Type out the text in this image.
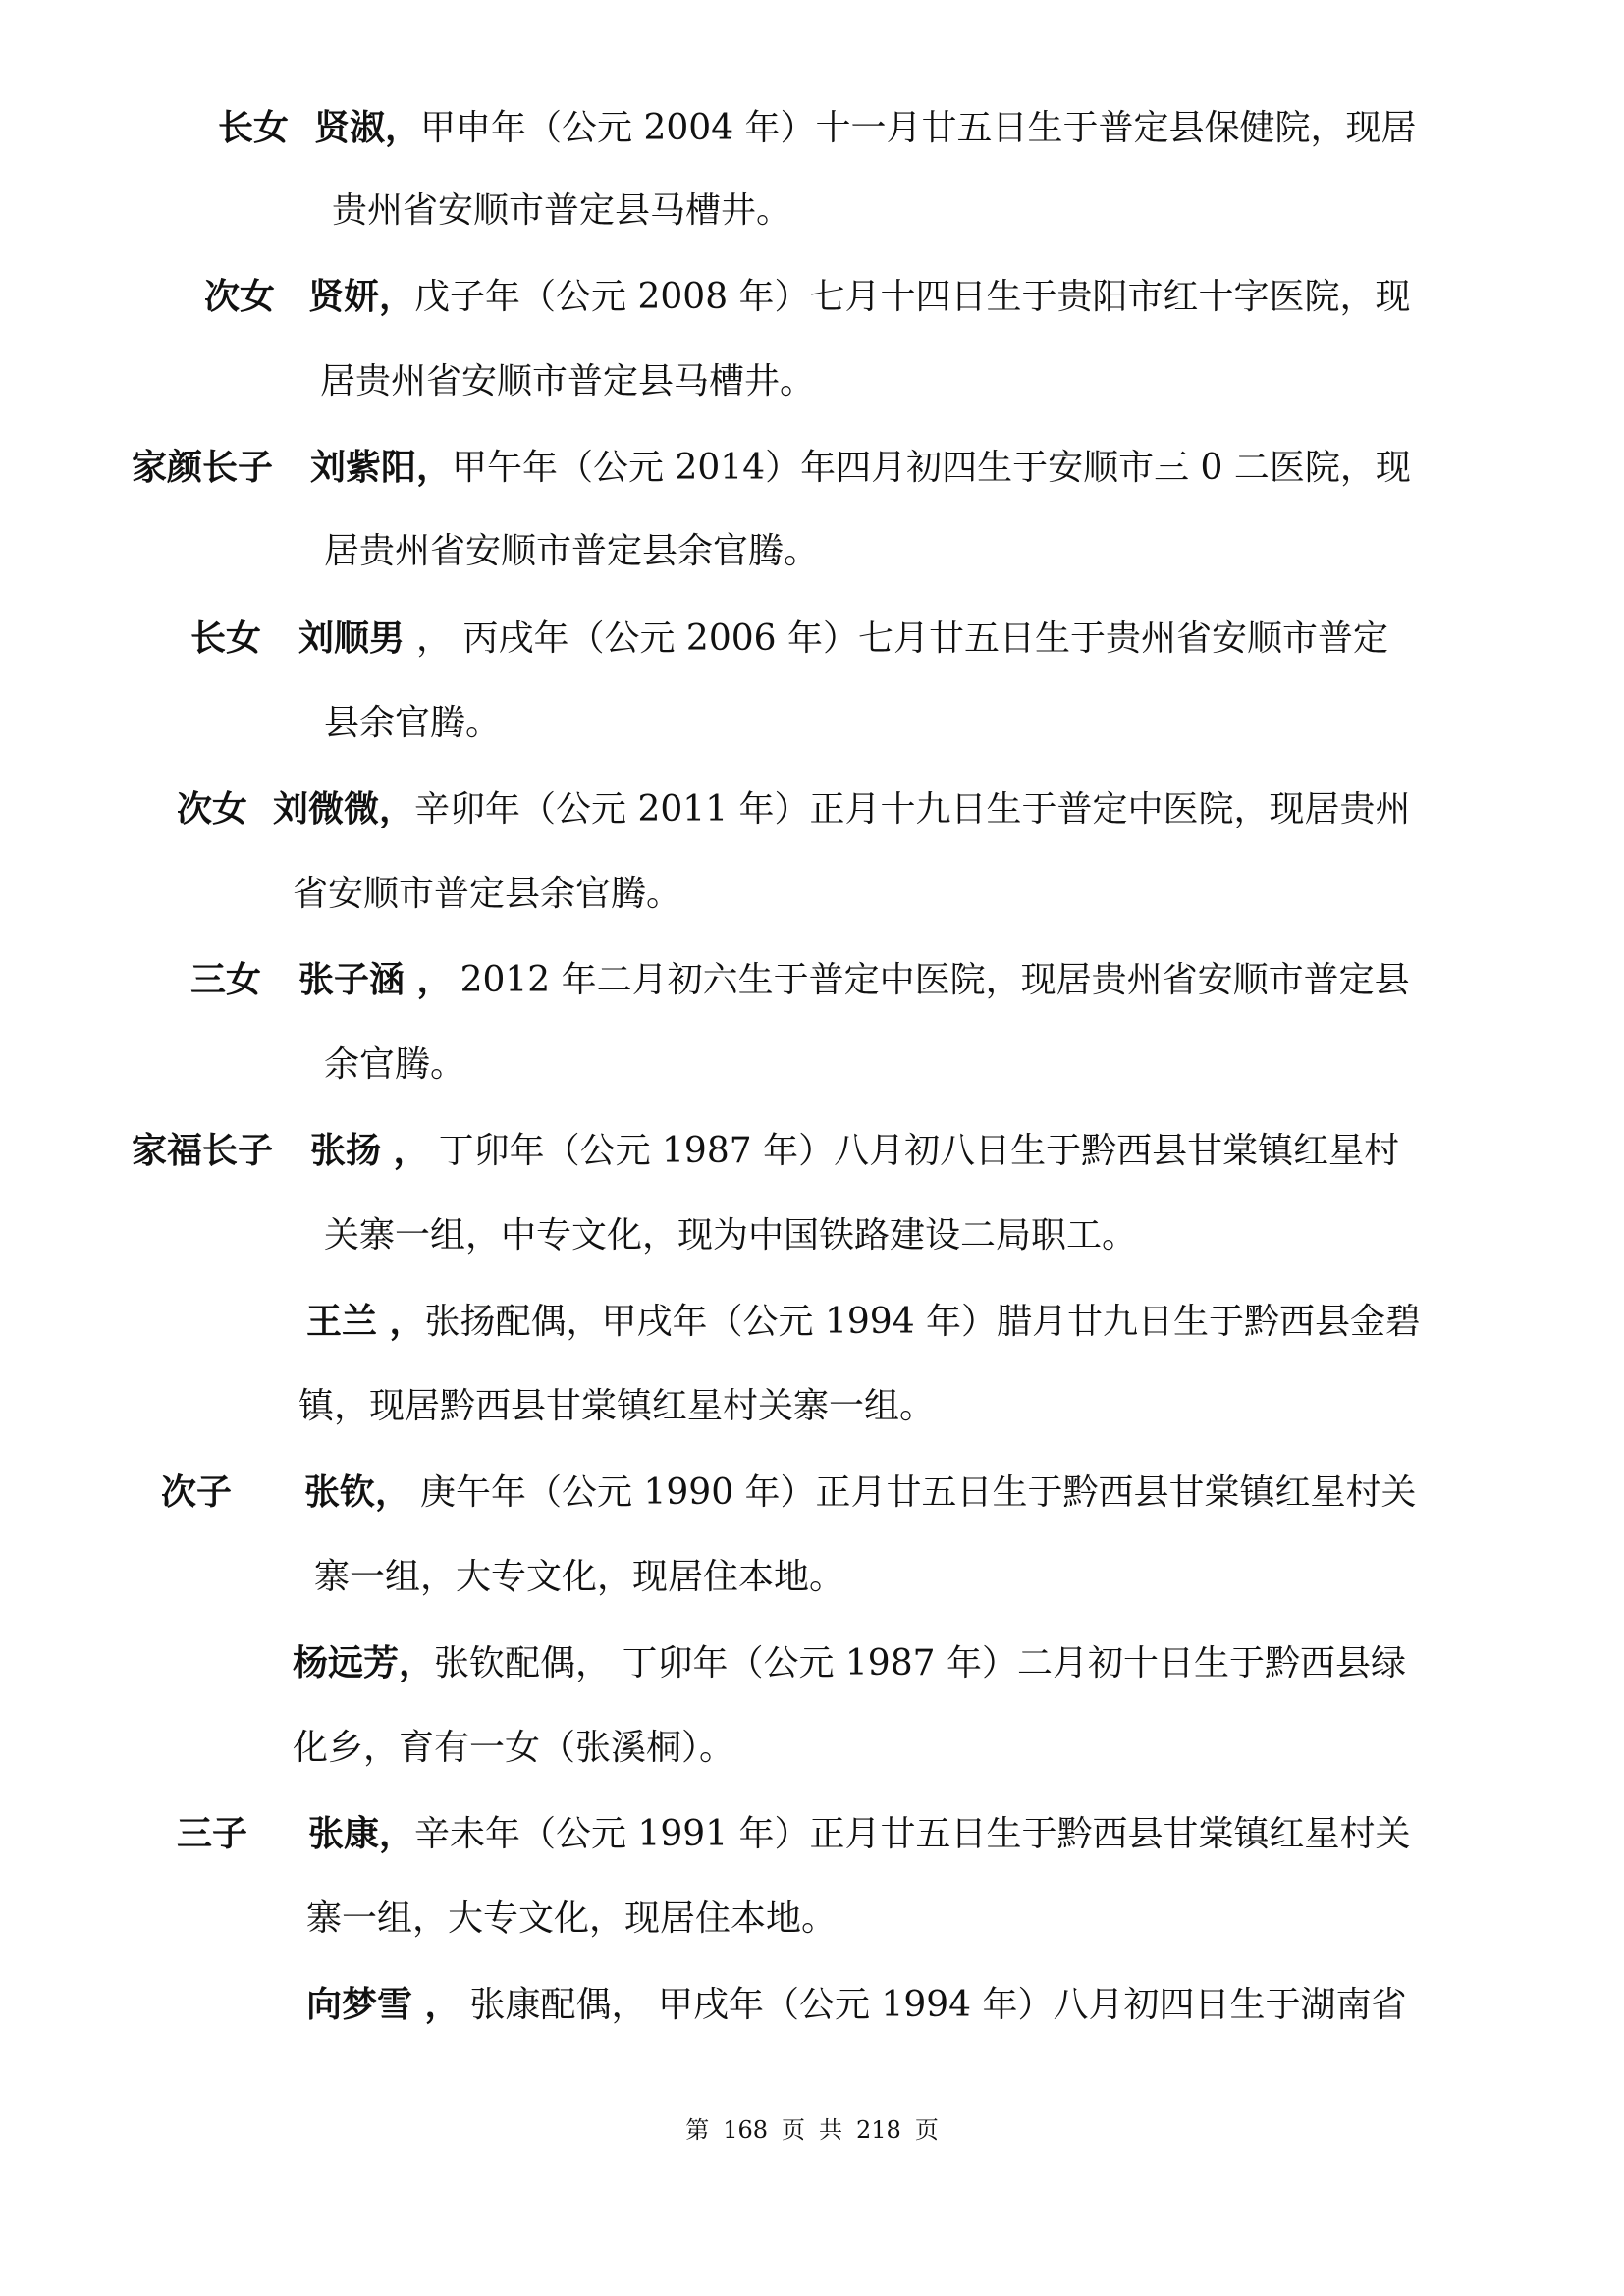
长女 贤淑，甲申年（公元 2004 年）十一月廿五日生于普定县保健院，现居
贵州省安顺市普定县马槽井。
次女 贤妍，戊子年（公元 2008 年）七月十四日生于贵阳市红十字医院，现
居贵州省安顺市普定县马槽井。
家颜长子 刘紫阳，甲午年（公元 2014）年四月初四生于安顺市三 0 二医院，现
居贵州省安顺市普定县余官腾。
长女 刘顺男 ， 丙戌年（公元 2006 年）七月廿五日生于贵州省安顺市普定
县余官腾。
次女 刘微微，辛卯年（公元 2011 年）正月十九日生于普定中医院，现居贵州
省安顺市普定县余官腾。
三女 张子涵 ， 2012 年二月初六生于普定中医院，现居贵州省安顺市普定县
余官腾。
家福长子 张扬 ， 丁卯年（公元 1987 年）八月初八日生于黔西县甘棠镇红星村
关寨一组，中专文化，现为中国铁路建设二局职工。
王兰 ，张扬配偶，甲戌年（公元 1994 年）腊月廿九日生于黔西县金碧
镇，现居黔西县甘棠镇红星村关寨一组。
次子 张钦， 庚午年（公元 1990 年）正月廿五日生于黔西县甘棠镇红星村关
寨一组，大专文化，现居住本地。
杨远芳，张钦配偶， 丁卯年（公元 1987 年）二月初十日生于黔西县绿
化乡，育有一女（张溪桐）。
三子 张康，辛未年（公元 1991 年）正月廿五日生于黔西县甘棠镇红星村关
寨一组，大专文化，现居住本地。
向梦雪 ， 张康配偶， 甲戌年（公元 1994 年）八月初四日生于湖南省
第 168 页 共 218 页
